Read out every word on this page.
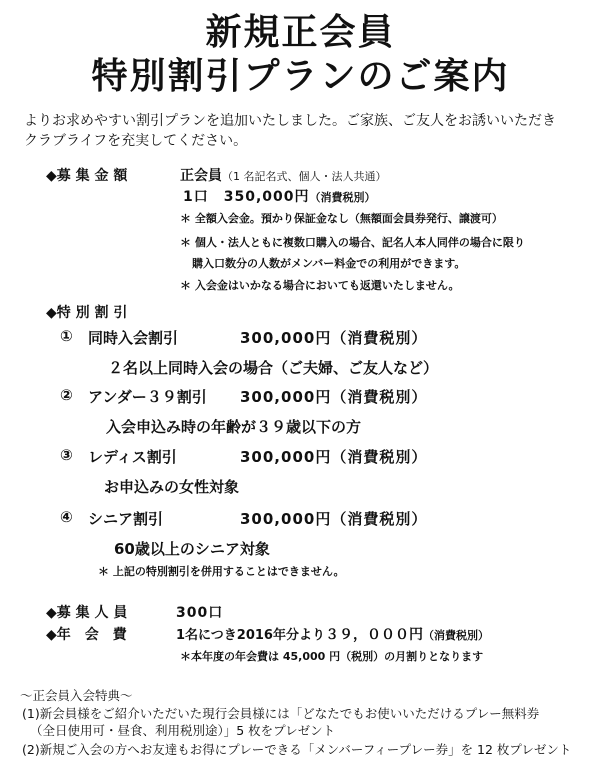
新規正会員
特別割引プランのご案内
よりお求めやすい割引プランを追加いたしました。ご家族、ご友人をお誘いいただき
クラブライフを充実してください。
◆募 集 金 額	正会員（1 名記名式、個人・法人共通）
1口　350,000円（消費税別）
＊ 全額入会金。預かり保証金なし（無額面会員券発行、譲渡可）
＊ 個人・法人ともに複数口購入の場合、記名人本人同伴の場合に限り
購入口数分の人数がメンバー料金での利用ができます。
＊ 入会金はいかなる場合においても返還いたしません。
◆特 別 割 引
① 同時入会割引	300,000円（消費税別）
２名以上同時入会の場合（ご夫婦、ご友人など）
② アンダー３９割引 300,000円（消費税別）
入会申込み時の年齢が３９歳以下の方
③ レディス割引	300,000円（消費税別）
お申込みの女性対象
④ シニア割引	300,000円（消費税別）
60歳以上のシニア対象
＊ 上記の特別割引を併用することはできません。
◆募 集 人 員	300口
◆年　会　費	1名につき2016年分より３９，０００円（消費税別）
＊本年度の年会費は 45,000 円（税別）の月割りとなります
～正会員入会特典～
(1)新会員様をご紹介いただいた現行会員様には「どなたでもお使いいただけるプレー無料券
（全日使用可・昼食、利用税別途）」5 枚をプレゼント
(2)新規ご入会の方へお友達もお得にプレーできる「メンバーフィープレー券」を 12 枚プレゼント
